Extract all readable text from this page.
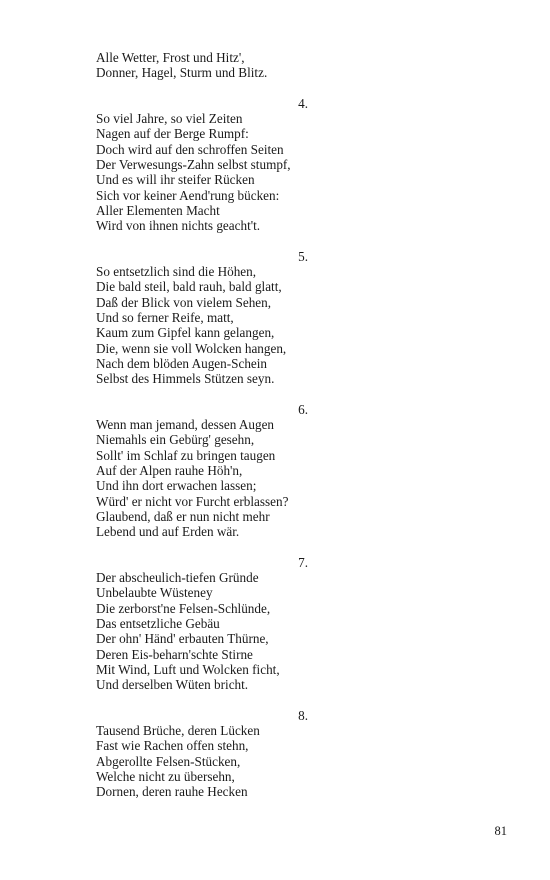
Alle Wetter, Frost und Hitz',
Donner, Hagel, Sturm und Blitz.
4.
So viel Jahre, so viel Zeiten
Nagen auf der Berge Rumpf:
Doch wird auf den schroffen Seiten
Der Verwesungs-Zahn selbst stumpf,
Und es will ihr steifer Rücken
Sich vor keiner Aend'rung bücken:
Aller Elementen Macht
Wird von ihnen nichts geacht't.
5.
So entsetzlich sind die Höhen,
Die bald steil, bald rauh, bald glatt,
Daß der Blick von vielem Sehen,
Und so ferner Reife, matt,
Kaum zum Gipfel kann gelangen,
Die, wenn sie voll Wolcken hangen,
Nach dem blöden Augen-Schein
Selbst des Himmels Stützen seyn.
6.
Wenn man jemand, dessen Augen
Niemahls ein Gebürg' gesehn,
Sollt' im Schlaf zu bringen taugen
Auf der Alpen rauhe Höh'n,
Und ihn dort erwachen lassen;
Würd' er nicht vor Furcht erblassen?
Glaubend, daß er nun nicht mehr
Lebend und auf Erden wär.
7.
Der abscheulich-tiefen Gründe
Unbelaubte Wüsteney
Die zerborst'ne Felsen-Schlünde,
Das entsetzliche Gebäu
Der ohn' Händ' erbauten Thürne,
Deren Eis-beharn'schte Stirne
Mit Wind, Luft und Wolcken ficht,
Und derselben Wüten bricht.
8.
Tausend Brüche, deren Lücken
Fast wie Rachen offen stehn,
Abgerollte Felsen-Stücken,
Welche nicht zu übersehn,
Dornen, deren rauhe Hecken
81
